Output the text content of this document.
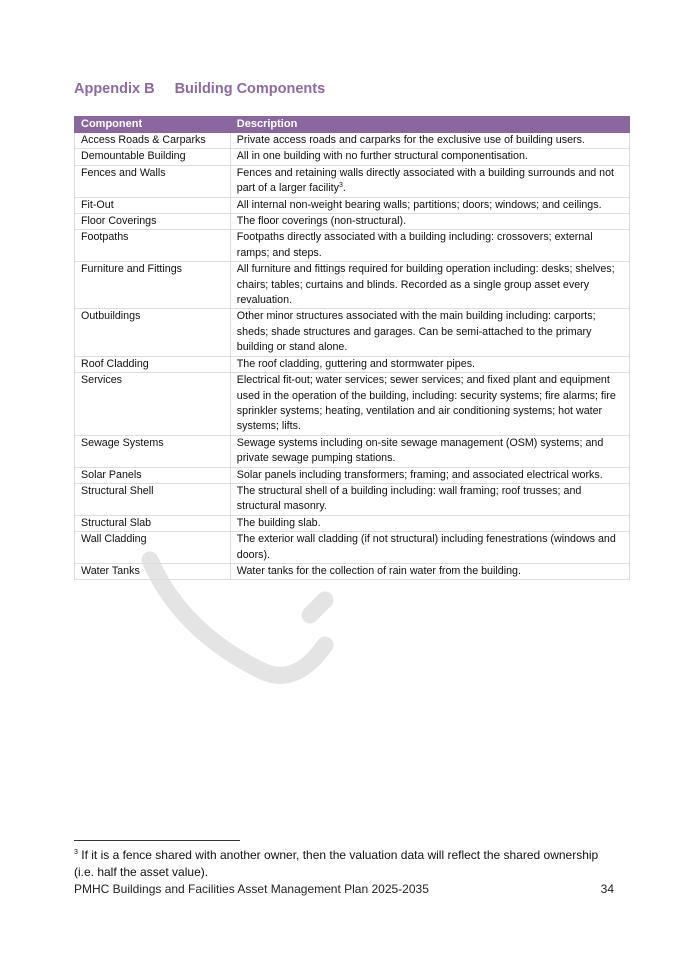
Appendix B Building Components
Component	Description
Access Roads & Carparks	Private access roads and carparks for the exclusive use of building users.
Demountable Building	All in one building with no further structural componentisation.
Fences and Walls	Fences and retaining walls directly associated with a building surrounds and not part of a larger facility$^3$.
Fit-Out	All internal non-weight bearing walls; partitions; doors; windows; and ceilings.
Floor Coverings	The floor coverings (non-structural).
Footpaths	Footpaths directly associated with a building including: crossovers; external ramps; and steps.
Furniture and Fittings	All furniture and fittings required for building operation including: desks; shelves; chairs; tables; curtains and blinds. Recorded as a single group asset every revaluation.
Outbuildings	Other minor structures associated with the main building including: carports; sheds; shade structures and garages. Can be semi-attached to the primary building or stand alone.
Roof Cladding	The roof cladding, guttering and stormwater pipes.
Services	Electrical fit-out; water services; sewer services; and fixed plant and equipment used in the operation of the building, including: security systems; fire alarms; fire sprinkler systems; heating, ventilation and air conditioning systems; hot water systems; lifts.
Sewage Systems	Sewage systems including on-site sewage management (OSM) systems; and private sewage pumping stations.
Solar Panels	Solar panels including transformers; framing; and associated electrical works.
Structural Shell	The structural shell of a building including: wall framing; roof trusses; and structural masonry.
Structural Slab	The building slab.
Wall Cladding	The exterior wall cladding (if not structural) including fenestrations (windows and doors).
Water Tanks	Water tanks for the collection of rain water from the building.
$^3$ If it is a fence shared with another owner, then the valuation data will reflect the shared ownership (i.e. half the asset value).
PMHC Buildings and Facilities Asset Management Plan 2025-2035	34
